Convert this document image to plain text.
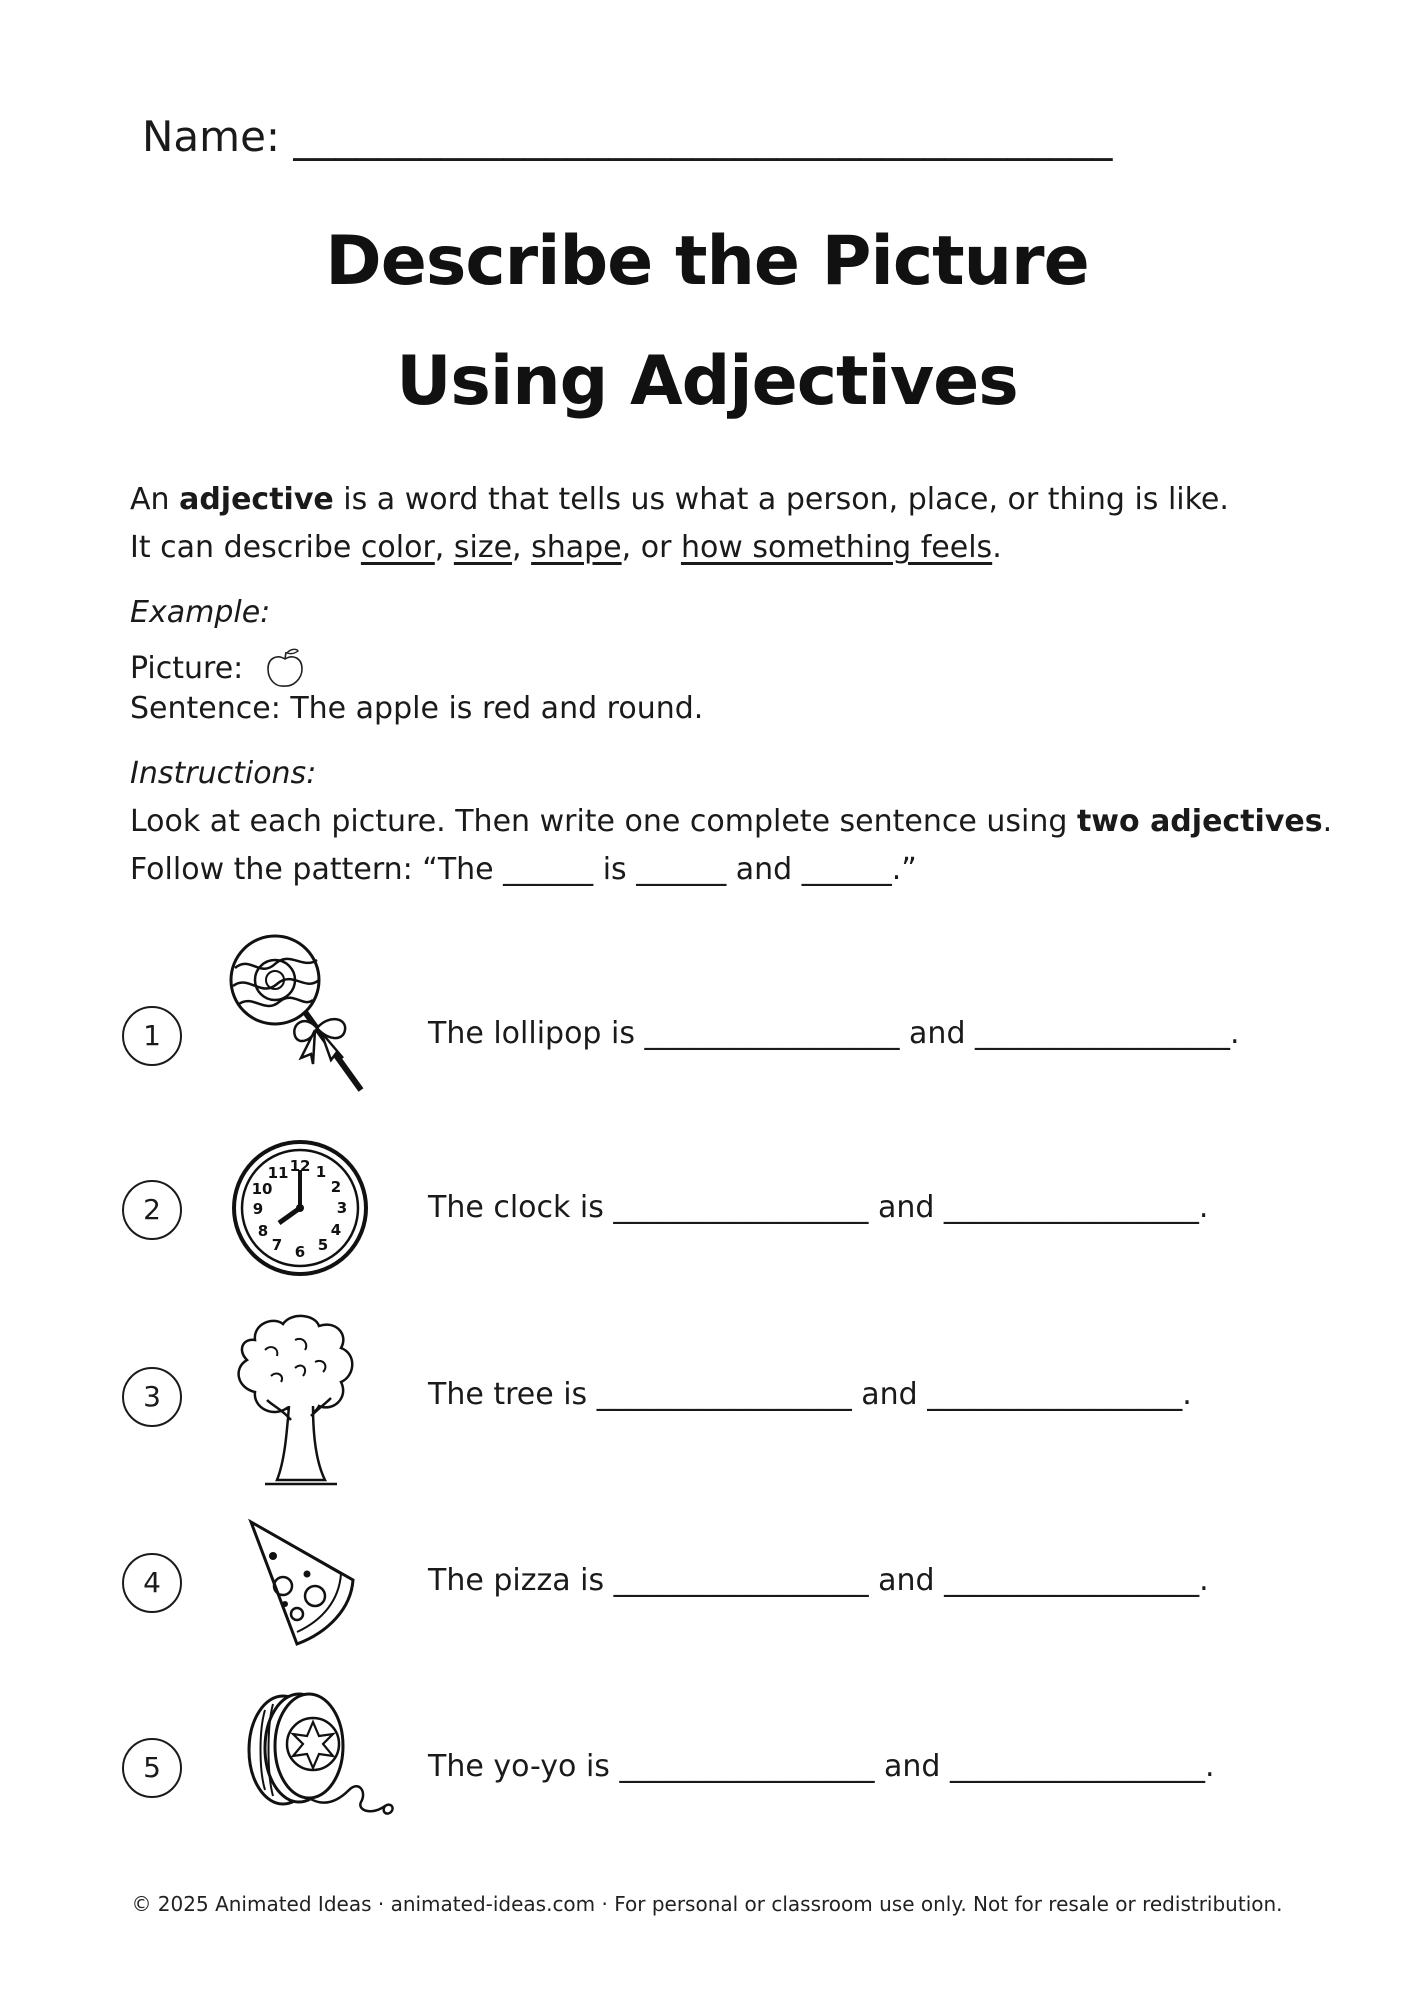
Name: _______________________________________
Describe the Picture
Using Adjectives
An adjective is a word that tells us what a person, place, or thing is like.
It can describe color, size, shape, or how something feels.
Example:
Picture:
Sentence: The apple is red and round.
Instructions:
Look at each picture. Then write one complete sentence using two adjectives.
Follow the pattern: “The ______ is ______ and ______.”
1	The lollipop is _________________ and _________________.
2
12 1
2
3
4
5
6
7
8
9
10
11
The clock is _________________ and _________________.
3	The tree is _________________ and _________________.
4	The pizza is _________________ and _________________.
5	The yo-yo is _________________ and _________________.
© 2025 Animated Ideas · animated-ideas.com · For personal or classroom use only. Not for resale or redistribution.
